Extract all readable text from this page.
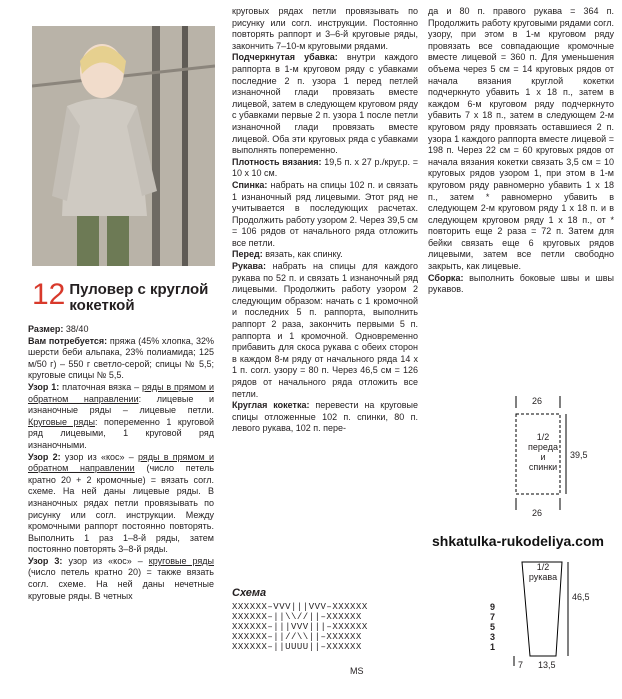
12 Пуловер с круглой кокеткой

Размер: 38/40

Вам потребуется: пряжа (45% хлопка, 32% шерсти беби альпака, 23% полиамида; 125 м/50 г) – 550 г светло-серой; спицы № 5,5; круговые спицы № 5,5.

Узор 1: платочная вязка – ряды в прямом и обратном направлении: лицевые и изнаночные ряды – лицевые петли. Круговые ряды: попеременно 1 круговой ряд лицевыми, 1 круговой ряд изнаночными.

Узор 2: узор из «кос» – ряды в прямом и обратном направлении (число петель кратно 20 + 2 кромочные) = вязать согл. схеме. На ней даны лицевые ряды. В изнаночных рядах петли провязывать по рисунку или согл. инструкции. Между кромочными раппорт постоянно повторять. Выполнить 1 раз 1–8-й ряды, затем постоянно повторять 3–8-й ряды.

Узор 3: узор из «кос» – круговые ряды (число петель кратно 20) = также вязать согл. схеме. На ней даны нечетные круговые ряды. В четных

круговых рядах петли провязывать по рисунку или согл. инструкции. Постоянно повторять раппорт и 3–6-й круговые ряды, закончить 7–10-м круговыми рядами.

Подчеркнутая убавка: внутри каждого раппорта в 1-м круговом ряду с убавками последние 2 п. узора 1 перед петлей изнаночной глади провязать вместе лицевой, затем в следующем круговом ряду с убавками первые 2 п. узора 1 после петли изнаночной глади провязать вместе лицевой. Оба эти круговых ряда с убавками выполнять попеременно.

Плотность вязания: 19,5 п. x 27 р./круг.р. = 10 x 10 см.

Спинка: набрать на спицы 102 п. и связать 1 изнаночный ряд лицевыми. Этот ряд не учитывается в последующих расчетах. Продолжить работу узором 2. Через 39,5 см = 106 рядов от начального ряда отложить все петли.

Перед: вязать, как спинку.

Рукава: набрать на спицы для каждого рукава по 52 п. и связать 1 изнаночный ряд лицевыми. Продолжить работу узором 2 следующим образом: начать с 1 кромочной и последних 5 п. раппорта, выполнить раппорт 2 раза, закончить первыми 5 п. раппорта и 1 кромочной. Одновременно прибавить для скоса рукава с обеих сторон в каждом 8-м ряду от начального ряда 14 x 1 п. согл. узору = 80 п. Через 46,5 см = 126 рядов от начального ряда отложить все петли.

Круглая кокетка: перевести на круговые спицы отложенные 102 п. спинки, 80 п. левого рукава, 102 п. пере-

да и 80 п. правого рукава = 364 п. Продолжить работу круговыми рядами согл. узору, при этом в 1-м круговом ряду провязать все совпадающие кромочные вместе лицевой = 360 п. Для уменьшения объема через 5 см = 14 круговых рядов от начала вязания круглой кокетки подчеркнуто убавить 1 x 18 п., затем в каждом 6-м круговом ряду подчеркнуто убавить 7 x 18 п., затем в следующем 2-м круговом ряду провязать оставшиеся 2 п. узора 1 каждого раппорта вместе лицевой = 198 п. Через 22 см = 60 круговых рядов от начала вязания кокетки связать 3,5 см = 10 круговых рядов узором 1, при этом в 1-м круговом ряду равномерно убавить 1 x 18 п., затем * равномерно убавить в следующем 2-м круговом ряду 1 x 18 п. и в следующем круговом ряду 1 x 18 п., от * повторить еще 2 раза = 72 п. Затем для бейки связать еще 6 круговых рядов лицевыми, затем все петли свободно закрыть, как лицевые.

Сборка: выполнить боковые швы и швы рукавов.

26
1/2
переда
и спинки
39,5
26
1/2
рукава
46,5
7 13,5
shkatulka-rukodeliya.com
Схема
XXXXXX–VVV|||VVV–XXXXXX
XXXXXX–||\\//||–XXXXXX
XXXXXX–|||VVV|||–XXXXXX
XXXXXX–||//\\||–XXXXXX
XXXXXX–||UUUU||–XXXXXX
9
7
5
3
1
MS
